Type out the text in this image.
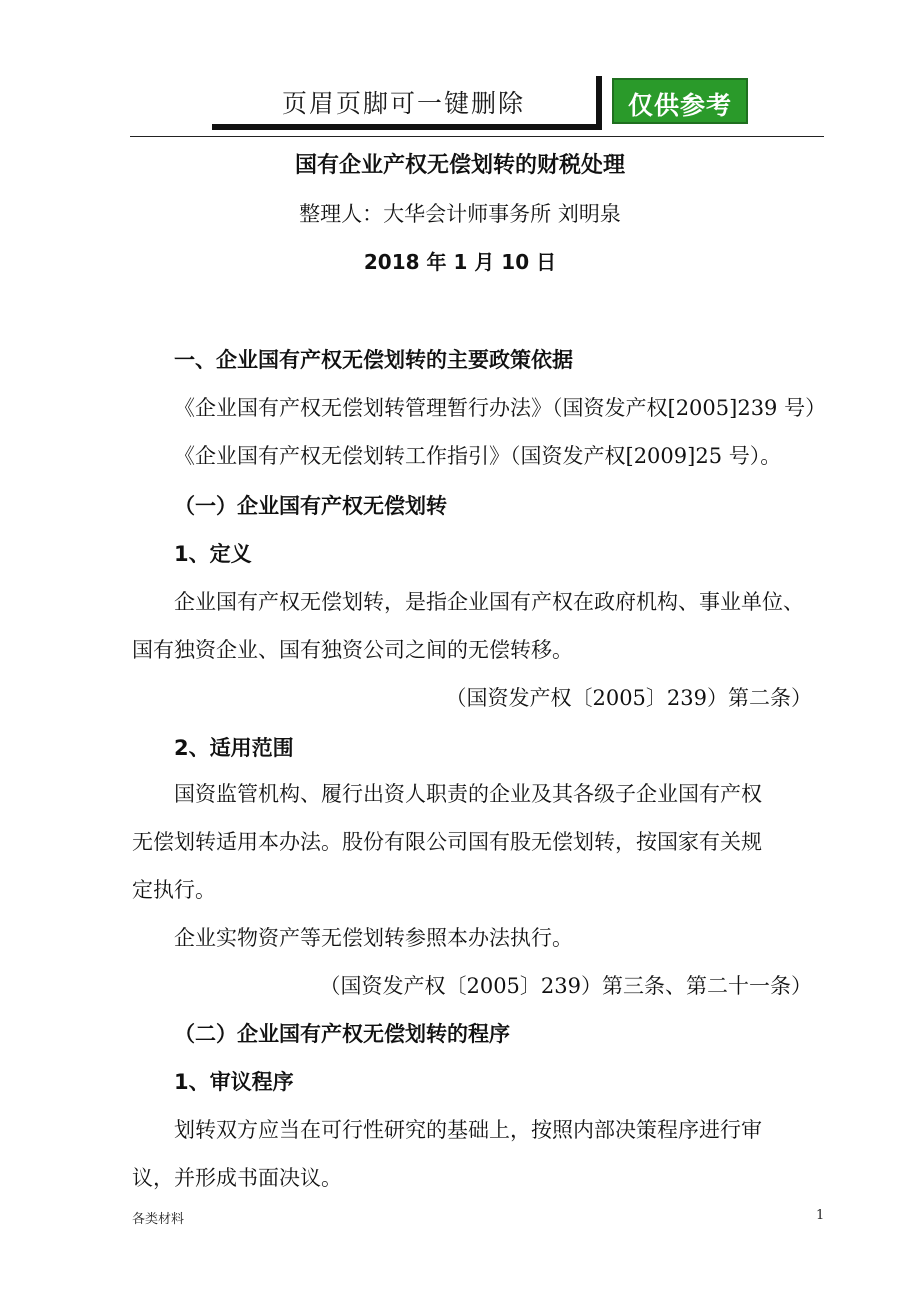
页眉页脚可一键删除	仅供参考
国有企业产权无偿划转的财税处理
整理人：大华会计师事务所 刘明泉
2018 年 1 月 10 日
一、企业国有产权无偿划转的主要政策依据
《企业国有产权无偿划转管理暂行办法》（国资发产权[2005]239 号）
《企业国有产权无偿划转工作指引》（国资发产权[2009]25 号）。
（一）企业国有产权无偿划转
1、定义
企业国有产权无偿划转，是指企业国有产权在政府机构、事业单位、
国有独资企业、国有独资公司之间的无偿转移。
（国资发产权〔2005〕239）第二条）
2、适用范围
国资监管机构、履行出资人职责的企业及其各级子企业国有产权
无偿划转适用本办法。股份有限公司国有股无偿划转，按国家有关规
定执行。
企业实物资产等无偿划转参照本办法执行。
（国资发产权〔2005〕239）第三条、第二十一条）
（二）企业国有产权无偿划转的程序
1、审议程序
划转双方应当在可行性研究的基础上，按照内部决策程序进行审
议，并形成书面决议。
各类材料	1
